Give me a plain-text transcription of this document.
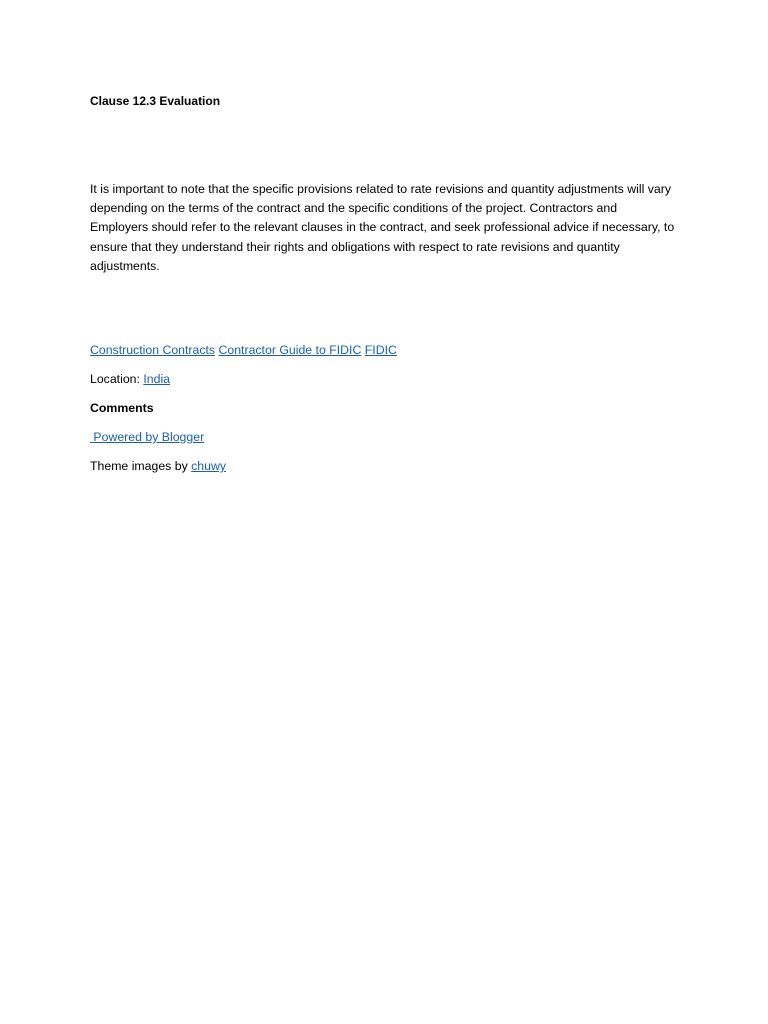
Clause 12.3 Evaluation

It is important to note that the specific provisions related to rate revisions and quantity adjustments will vary depending on the terms of the contract and the specific conditions of the project. Contractors and Employers should refer to the relevant clauses in the contract, and seek professional advice if necessary, to ensure that they understand their rights and obligations with respect to rate revisions and quantity adjustments.

Construction Contracts Contractor Guide to FIDIC FIDIC
Location: India
Comments
Powered by Blogger
Theme images by chuwy
